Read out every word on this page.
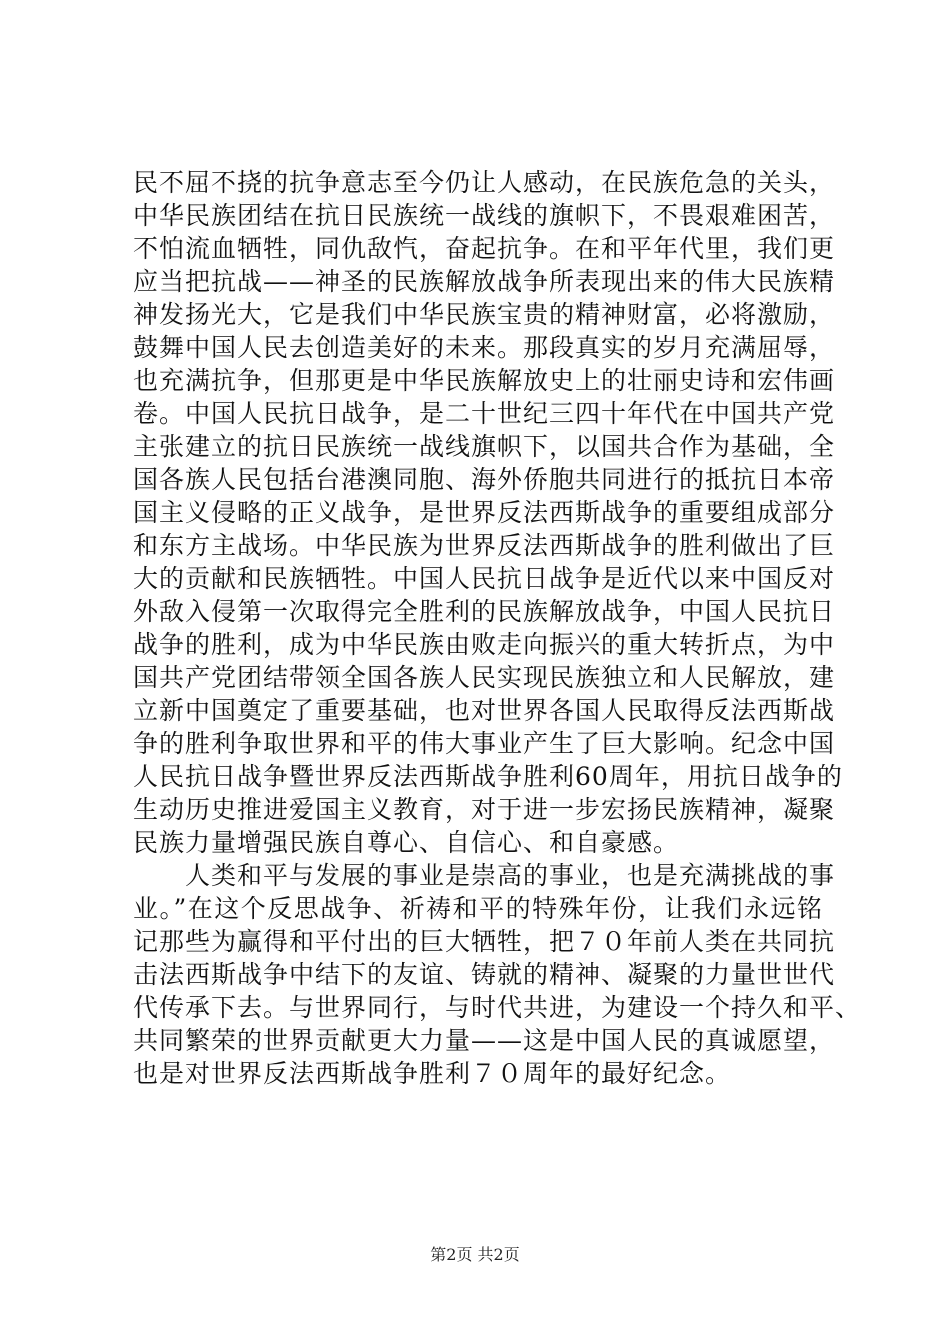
民不屈不挠的抗争意志至今仍让人感动，在民族危急的关头，
中华民族团结在抗日民族统一战线的旗帜下，不畏艰难困苦，
不怕流血牺牲，同仇敌忾，奋起抗争。在和平年代里，我们更
应当把抗战——神圣的民族解放战争所表现出来的伟大民族精
神发扬光大，它是我们中华民族宝贵的精神财富，必将激励，
鼓舞中国人民去创造美好的未来。那段真实的岁月充满屈辱，
也充满抗争，但那更是中华民族解放史上的壮丽史诗和宏伟画
卷。中国人民抗日战争，是二十世纪三四十年代在中国共产党
主张建立的抗日民族统一战线旗帜下，以国共合作为基础，全
国各族人民包括台港澳同胞、海外侨胞共同进行的抵抗日本帝
国主义侵略的正义战争，是世界反法西斯战争的重要组成部分
和东方主战场。中华民族为世界反法西斯战争的胜利做出了巨
大的贡献和民族牺牲。中国人民抗日战争是近代以来中国反对
外敌入侵第一次取得完全胜利的民族解放战争，中国人民抗日
战争的胜利，成为中华民族由败走向振兴的重大转折点，为中
国共产党团结带领全国各族人民实现民族独立和人民解放，建
立新中国奠定了重要基础，也对世界各国人民取得反法西斯战
争的胜利争取世界和平的伟大事业产生了巨大影响。纪念中国
人民抗日战争暨世界反法西斯战争胜利60周年，用抗日战争的
生动历史推进爱国主义教育，对于进一步宏扬民族精神，凝聚
民族力量增强民族自尊心、自信心、和自豪感。
　　人类和平与发展的事业是崇高的事业，也是充满挑战的事
业。”在这个反思战争、祈祷和平的特殊年份，让我们永远铭
记那些为赢得和平付出的巨大牺牲，把７０年前人类在共同抗
击法西斯战争中结下的友谊、铸就的精神、凝聚的力量世世代
代传承下去。与世界同行，与时代共进，为建设一个持久和平、
共同繁荣的世界贡献更大力量——这是中国人民的真诚愿望，
也是对世界反法西斯战争胜利７０周年的最好纪念。
第2页 共2页
